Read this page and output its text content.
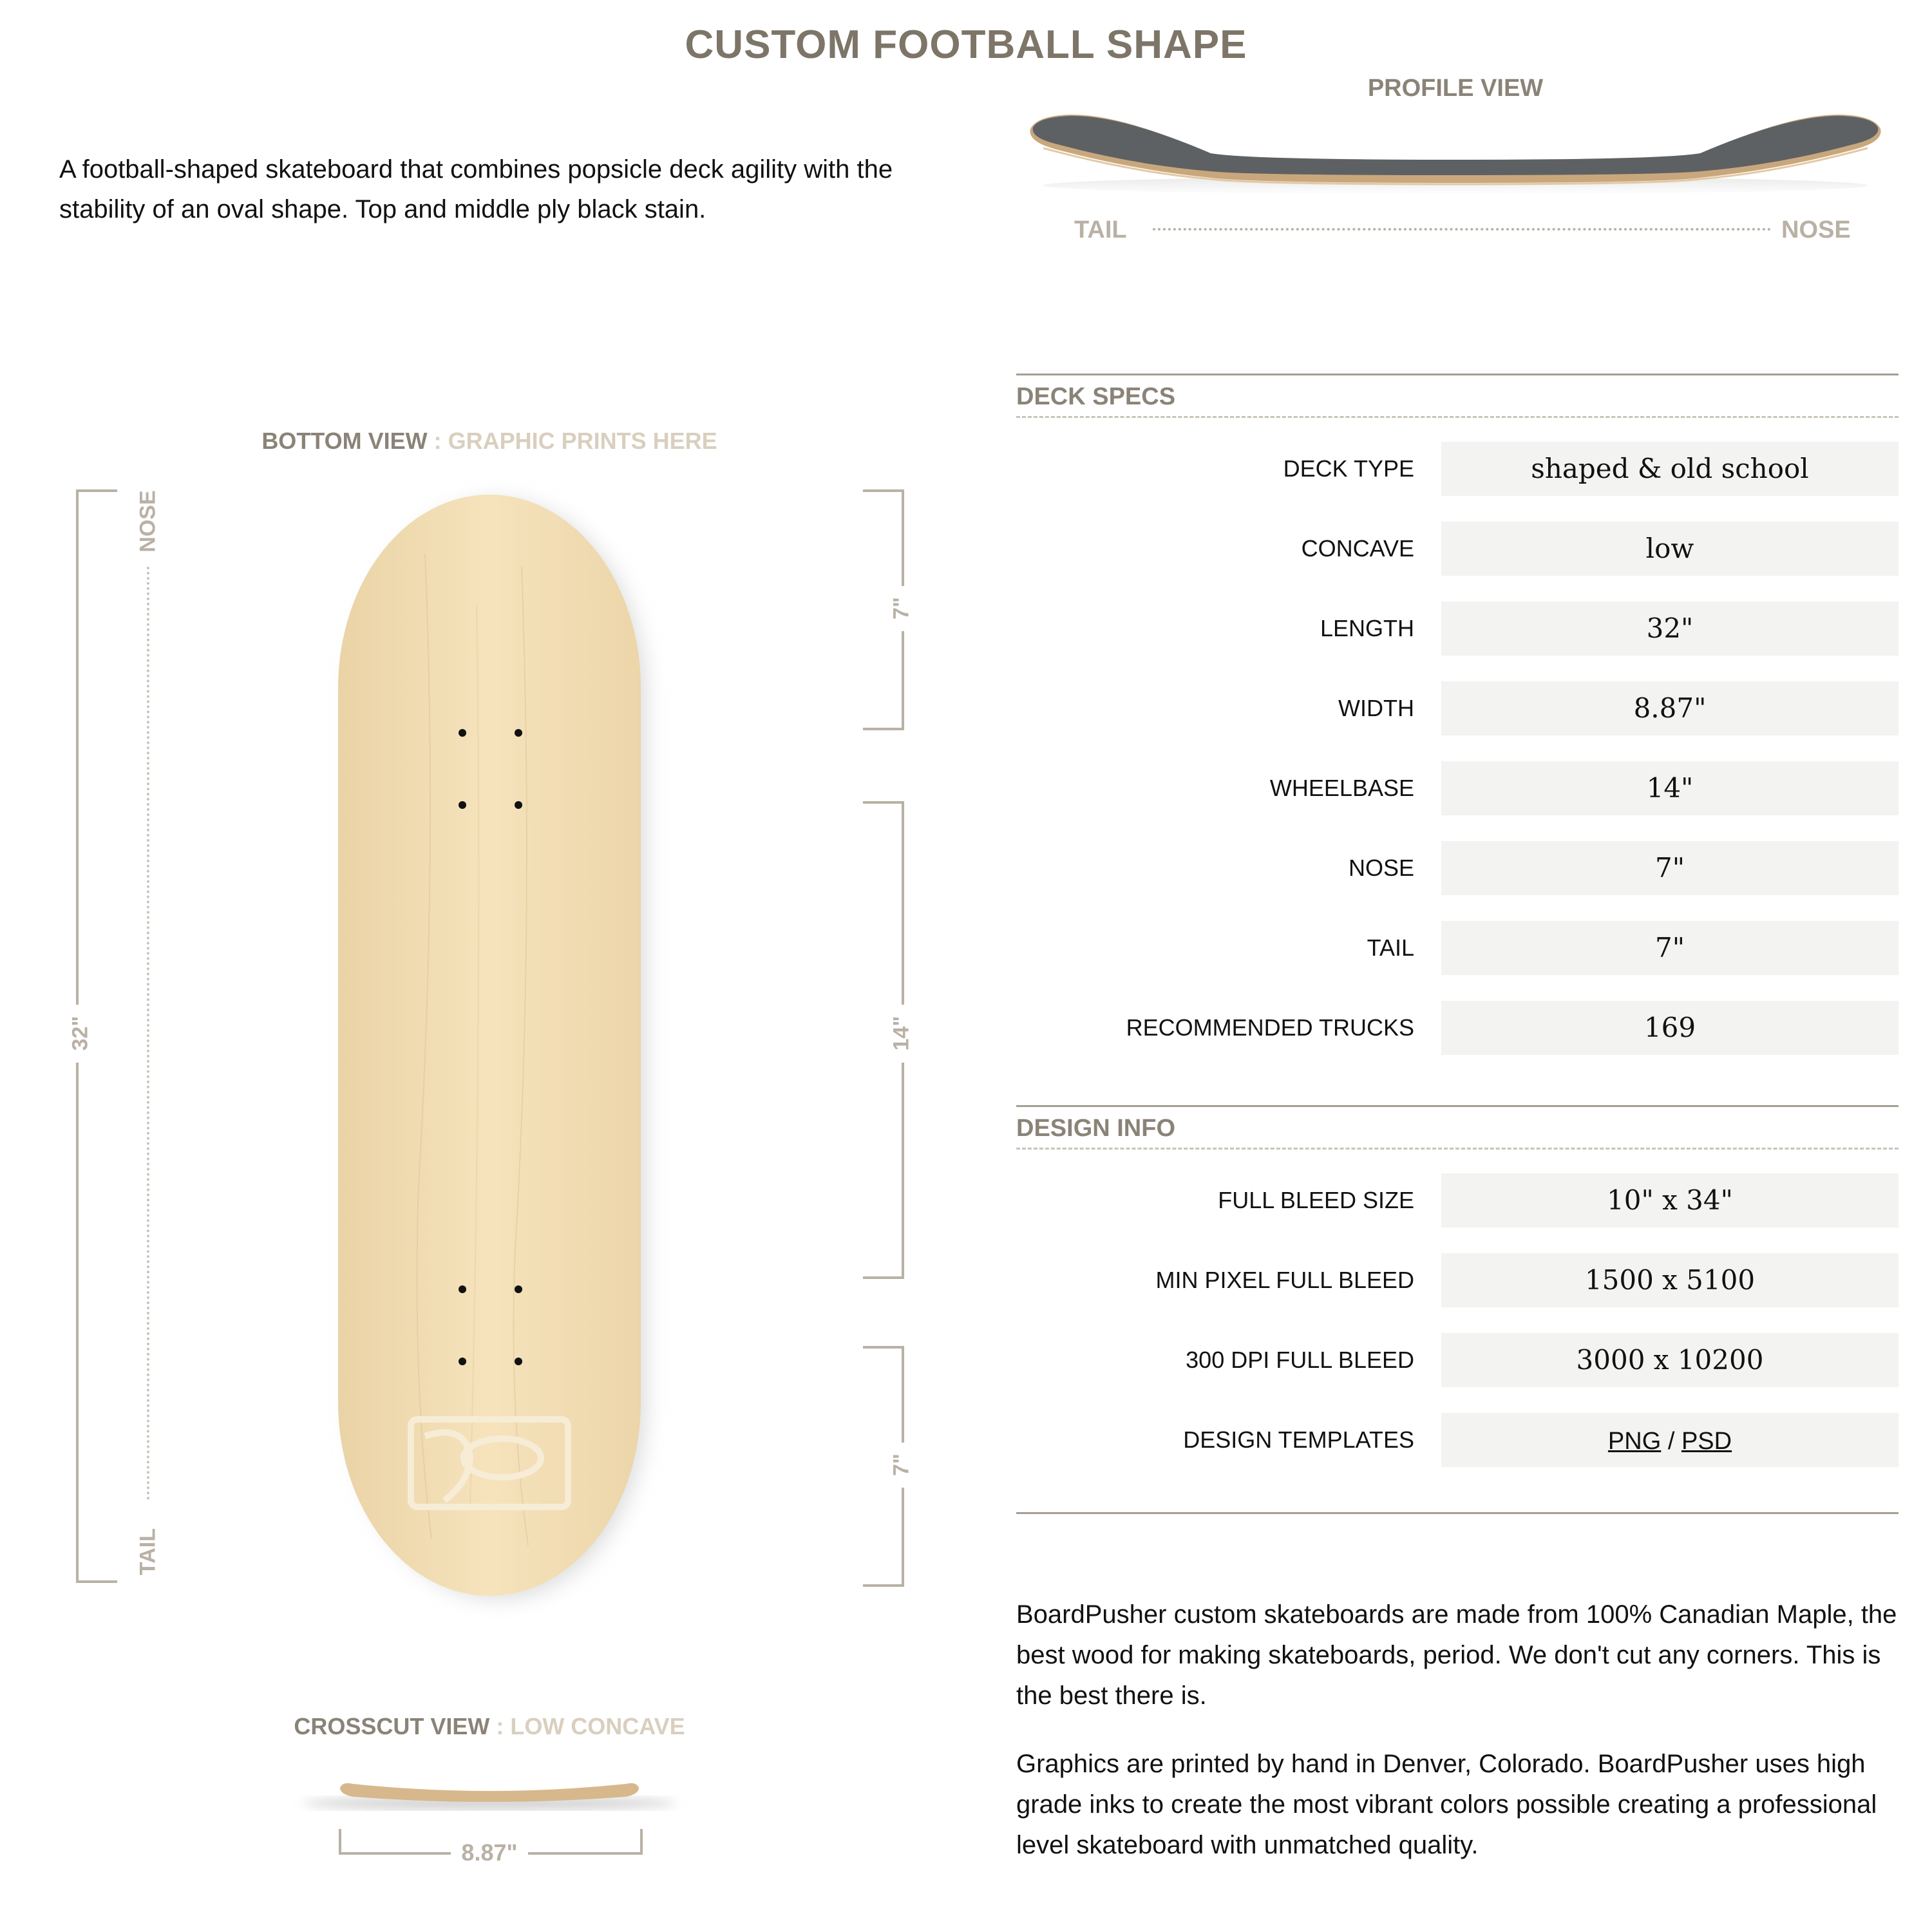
CUSTOM FOOTBALL SHAPE
A football-shaped skateboard that combines popsicle deck agility with the stability of an oval shape. Top and middle ply black stain.
PROFILE VIEW
TAIL	NOSE
BOTTOM VIEW : GRAPHIC PRINTS HERE
32"
NOSE
TAIL
7"
14"
7"
CROSSCUT VIEW : LOW CONCAVE
8.87"
DECK SPECS
DECK TYPE	shaped & old school
CONCAVE	low
LENGTH	32"
WIDTH	8.87"
WHEELBASE	14"
NOSE	7"
TAIL	7"
RECOMMENDED TRUCKS	169
DESIGN INFO
FULL BLEED SIZE	10" x 34"
MIN PIXEL FULL BLEED	1500 x 5100
300 DPI FULL BLEED	3000 x 10200
DESIGN TEMPLATES	PNG / PSD
BoardPusher custom skateboards are made from 100% Canadian Maple, the best wood for making skateboards, period. We don't cut any corners. This is the best there is.
Graphics are printed by hand in Denver, Colorado. BoardPusher uses high grade inks to create the most vibrant colors possible creating a professional level skateboard with unmatched quality.
